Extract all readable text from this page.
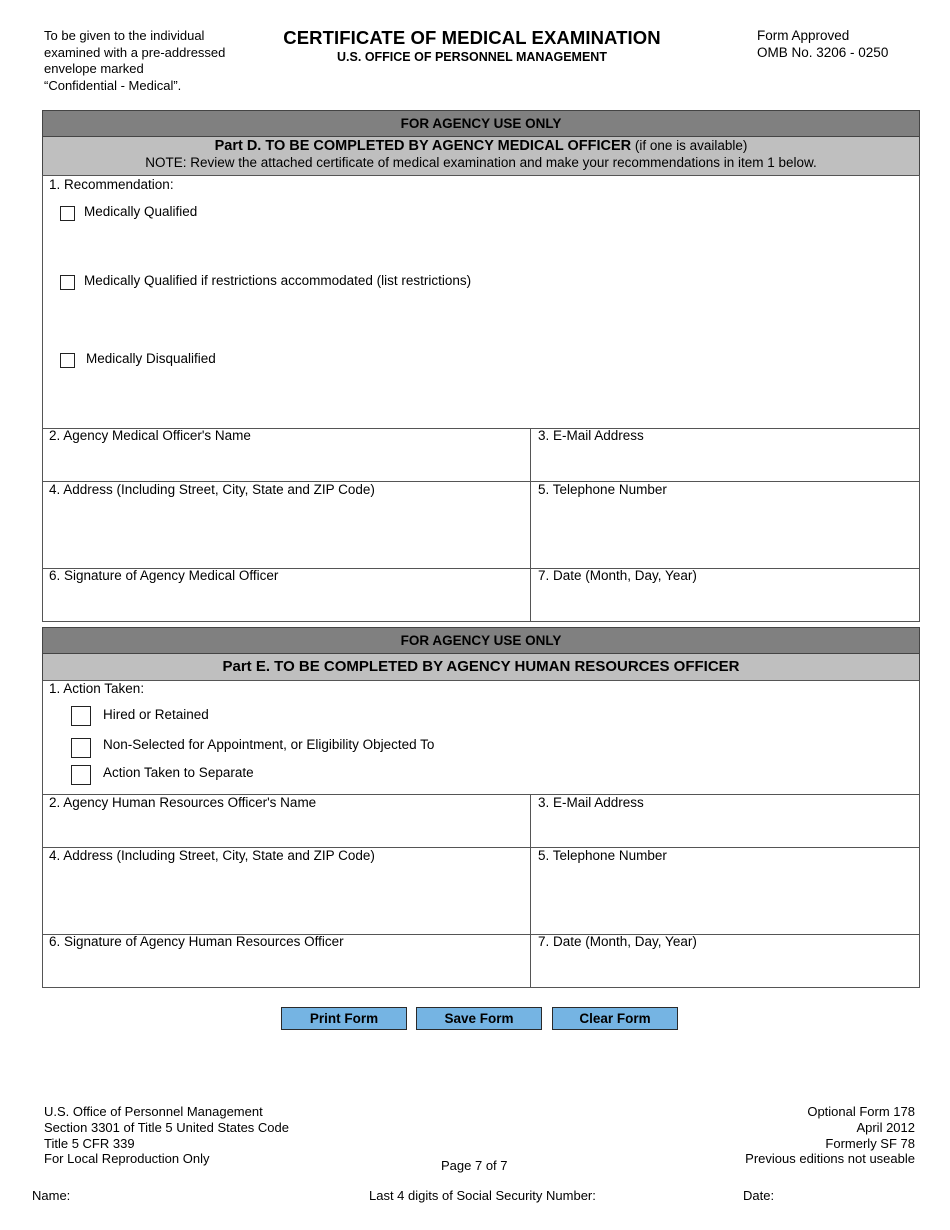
To be given to the individual
examined with a pre-addressed
envelope marked
“Confidential - Medical”.
CERTIFICATE OF MEDICAL EXAMINATION
U.S. OFFICE OF PERSONNEL MANAGEMENT
Form Approved
OMB No. 3206 - 0250
FOR AGENCY USE ONLY
Part D. TO BE COMPLETED BY AGENCY MEDICAL OFFICER (if one is available)
NOTE: Review the attached certificate of medical examination and make your recommendations in item 1 below.
1. Recommendation:
Medically Qualified
Medically Qualified if restrictions accommodated (list restrictions)
Medically Disqualified
2. Agency Medical Officer's Name	3. E-Mail Address
4. Address (Including Street, City, State and ZIP Code)	5. Telephone Number
6. Signature of Agency Medical Officer	7. Date (Month, Day, Year)
FOR AGENCY USE ONLY
Part E. TO BE COMPLETED BY AGENCY HUMAN RESOURCES OFFICER
1. Action Taken:
Hired or Retained
Non-Selected for Appointment, or Eligibility Objected To
Action Taken to Separate
2. Agency Human Resources Officer's Name	3. E-Mail Address
4. Address (Including Street, City, State and ZIP Code)	5. Telephone Number
6. Signature of Agency Human Resources Officer	7. Date (Month, Day, Year)
Print Form	Save Form	Clear Form
U.S. Office of Personnel Management
Section 3301 of Title 5 United States Code
Title 5 CFR 339
For Local Reproduction Only	Page 7 of 7
Optional Form 178
April 2012
Formerly SF 78
Previous editions not useable
Name:	Last 4 digits of Social Security Number:	Date:
